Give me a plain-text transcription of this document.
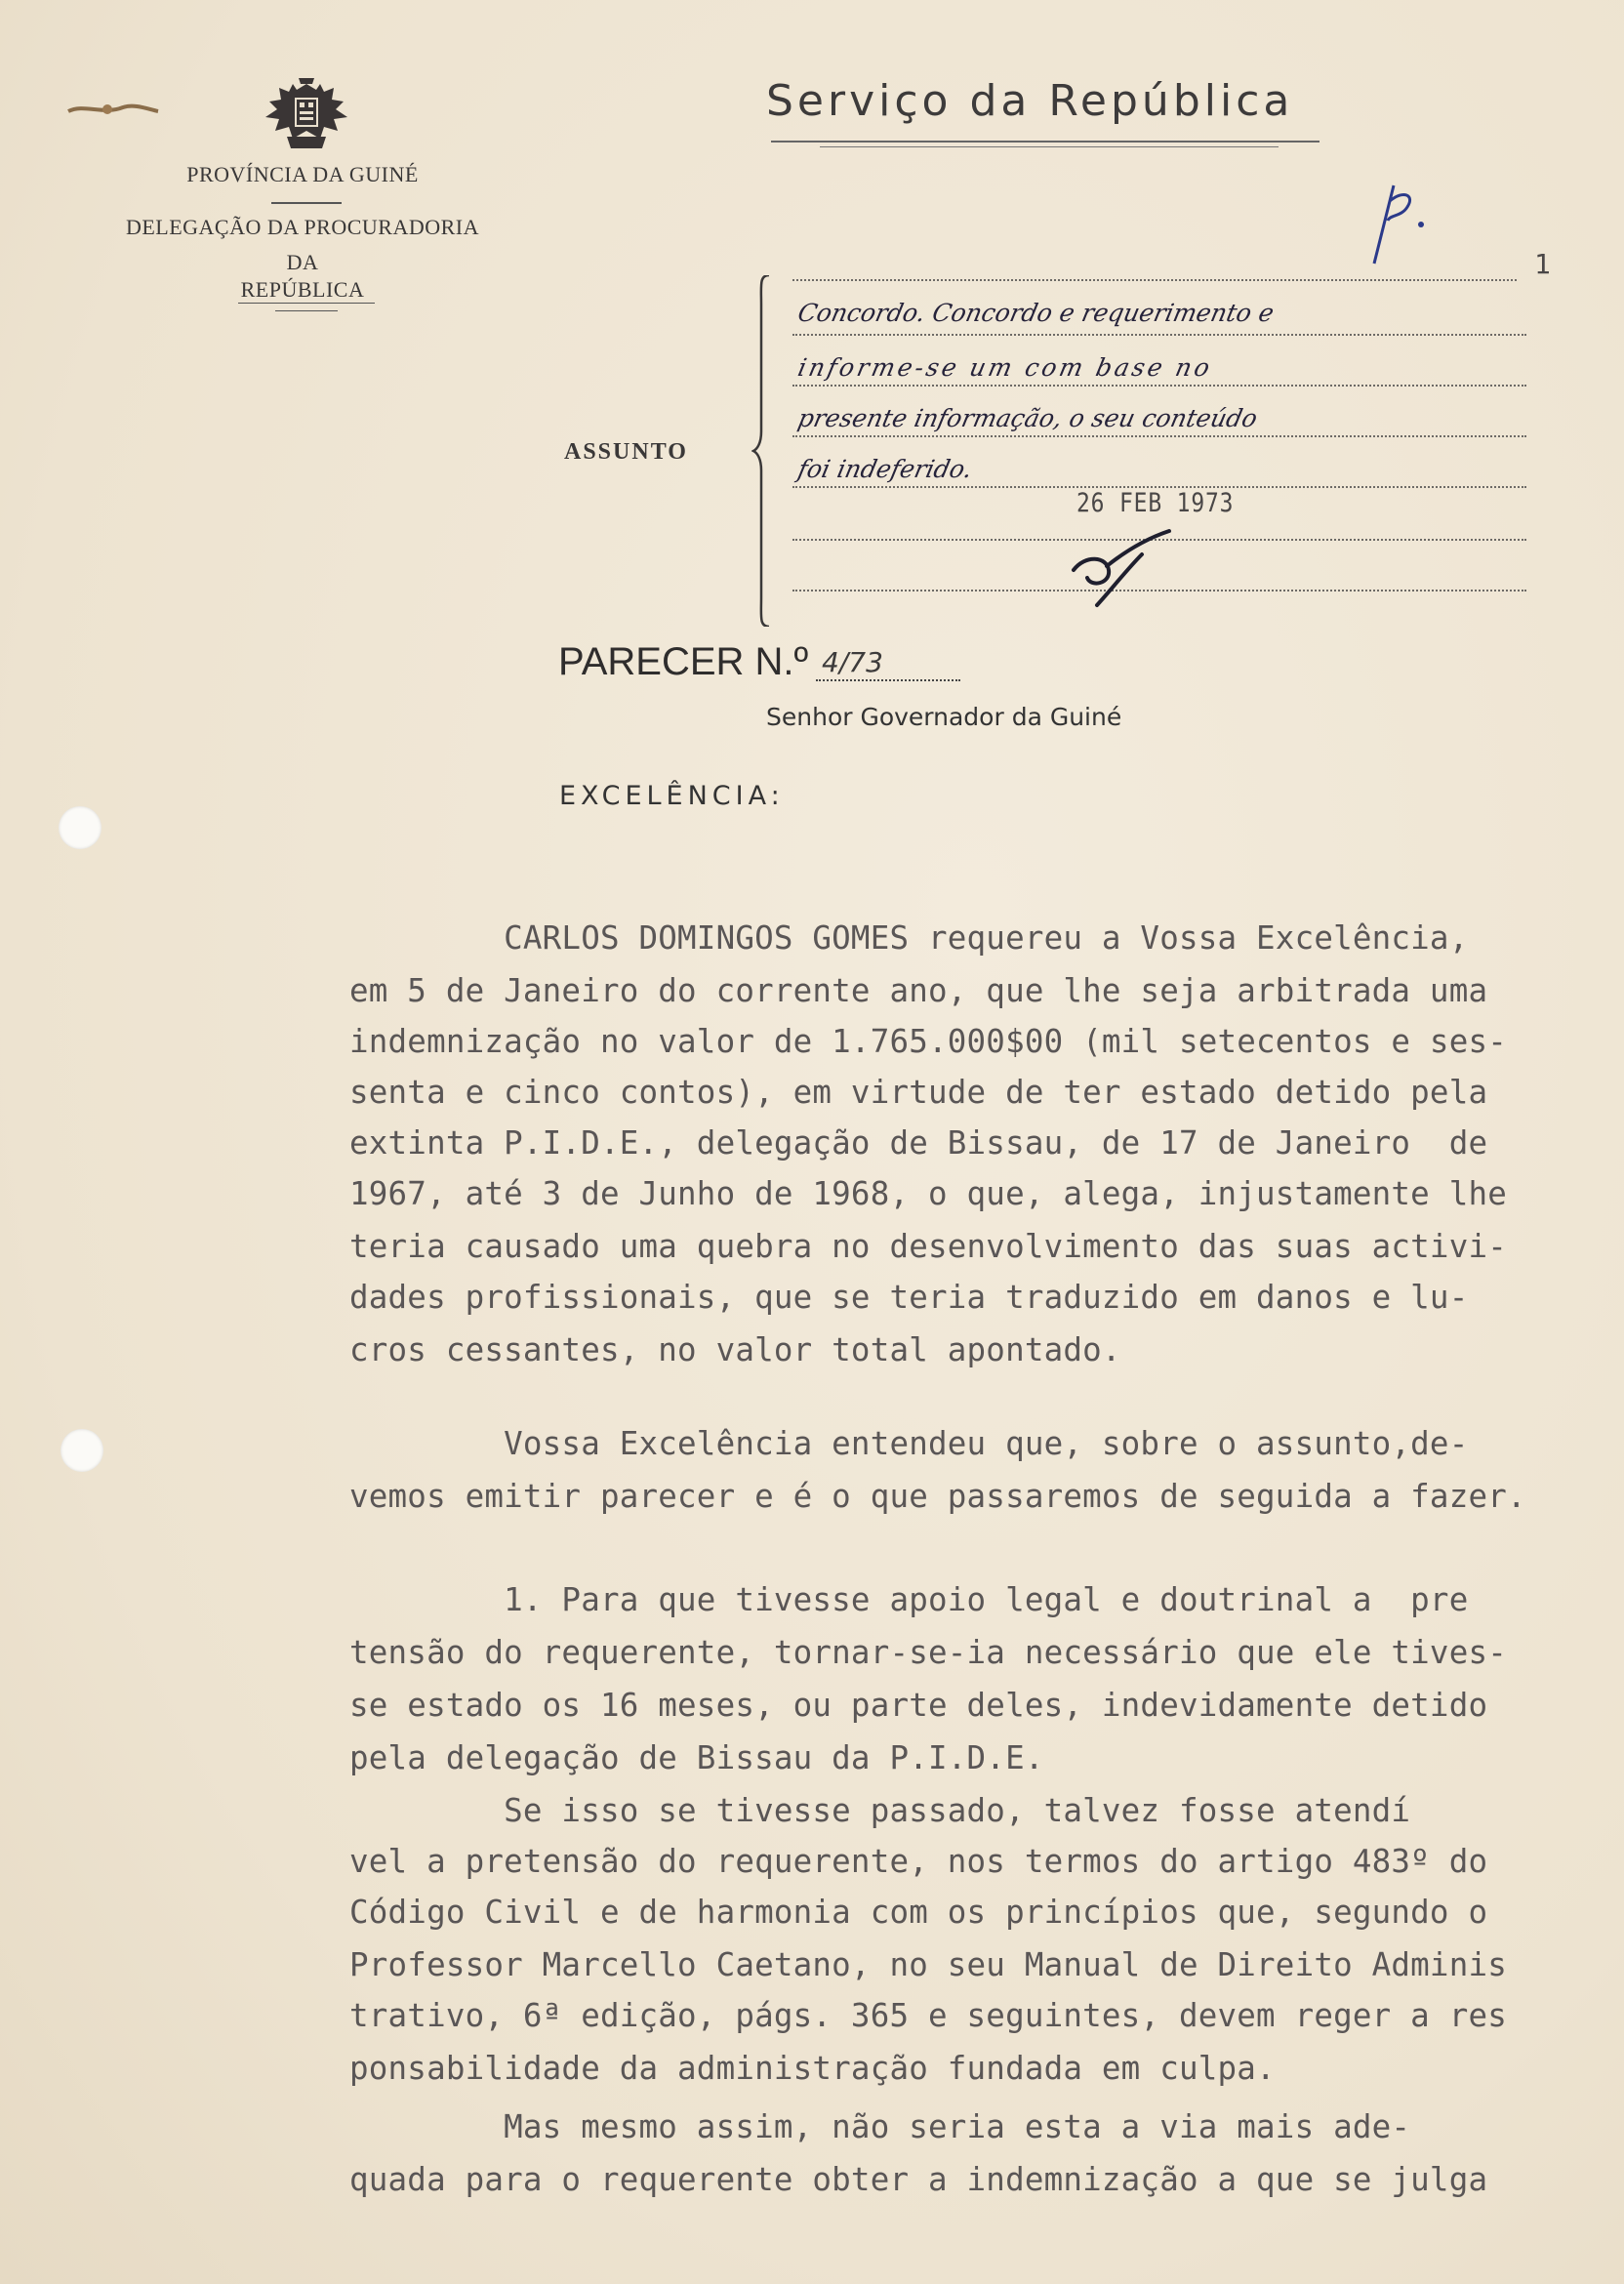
PROVÍNCIA DA GUINÉ
DELEGAÇÃO DA PROCURADORIA
DA
REPÚBLICA
Serviço da República
1
ASSUNTO
Concordo. Concordo e requerimento e
informe-se um com base no
presente informação, o seu conteúdo
foi indeferido.
26 FEB 1973
PARECER N.º 4/73
Senhor Governador da Guiné
EXCELÊNCIA:
CARLOS DOMINGOS GOMES requereu a Vossa Excelência,
em 5 de Janeiro do corrente ano, que lhe seja arbitrada uma
indemnização no valor de 1.765.000$00 (mil setecentos e ses-
senta e cinco contos), em virtude de ter estado detido pela
extinta P.I.D.E., delegação de Bissau, de 17 de Janeiro  de
1967, até 3 de Junho de 1968, o que, alega, injustamente lhe
teria causado uma quebra no desenvolvimento das suas activi-
dades profissionais, que se teria traduzido em danos e lu-
cros cessantes, no valor total apontado.
Vossa Excelência entendeu que, sobre o assunto,de-
vemos emitir parecer e é o que passaremos de seguida a fazer.
1. Para que tivesse apoio legal e doutrinal a  pre
tensão do requerente, tornar-se-ia necessário que ele tives-
se estado os 16 meses, ou parte deles, indevidamente detido
pela delegação de Bissau da P.I.D.E.
Se isso se tivesse passado, talvez fosse atendí
vel a pretensão do requerente, nos termos do artigo 483º do
Código Civil e de harmonia com os princípios que, segundo o
Professor Marcello Caetano, no seu Manual de Direito Adminis
trativo, 6ª edição, págs. 365 e seguintes, devem reger a res
ponsabilidade da administração fundada em culpa.
Mas mesmo assim, não seria esta a via mais ade-
quada para o requerente obter a indemnização a que se julga
